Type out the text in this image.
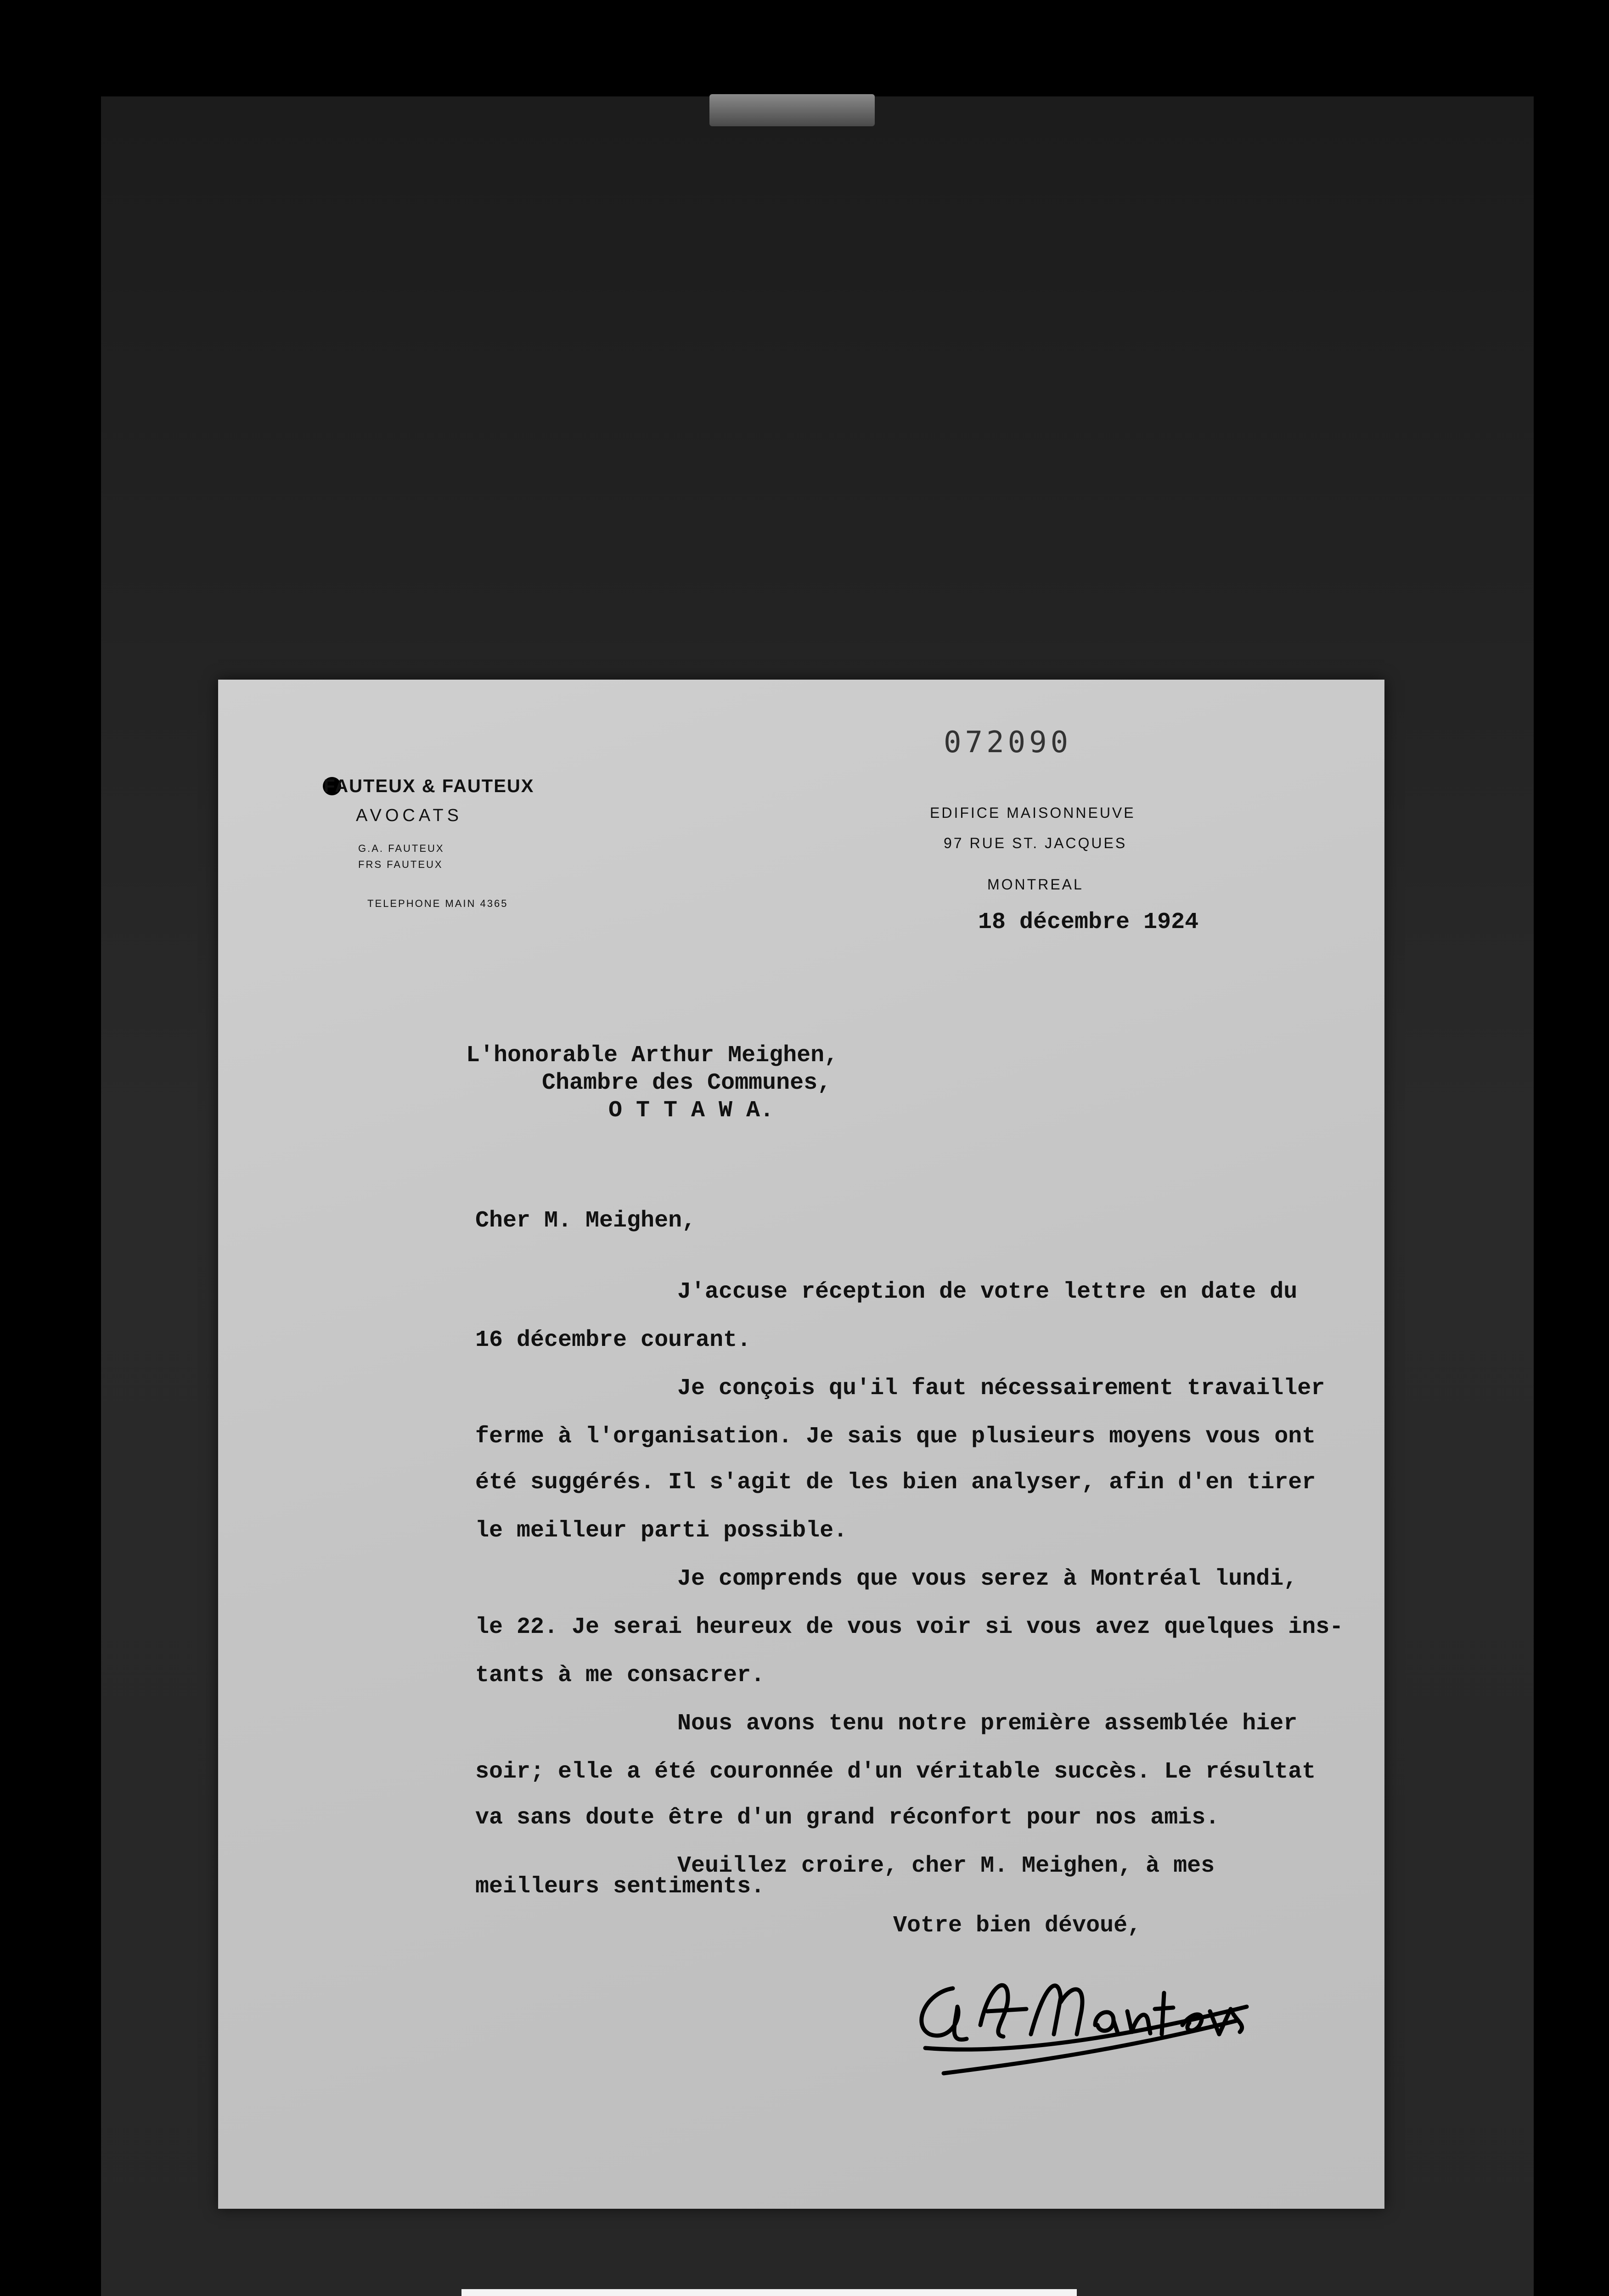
072090
FAUTEUX & FAUTEUX
AVOCATS
G.A. FAUTEUX
FRS FAUTEUX
TELEPHONE MAIN 4365
EDIFICE MAISONNEUVE
97 RUE ST. JACQUES
MONTREAL
18 décembre 1924
L'honorable Arthur Meighen,
Chambre des Communes,
O T T A W A.
Cher M. Meighen,
J'accuse réception de votre lettre en date du
16 décembre courant.
Je conçois qu'il faut nécessairement travailler
ferme à l'organisation. Je sais que plusieurs moyens vous ont
été suggérés. Il s'agit de les bien analyser, afin d'en tirer
le meilleur parti possible.
Je comprends que vous serez à Montréal lundi,
le 22. Je serai heureux de vous voir si vous avez quelques ins-
tants à me consacrer.
Nous avons tenu notre première assemblée hier
soir; elle a été couronnée d'un véritable succès. Le résultat
va sans doute être d'un grand réconfort pour nos amis.
Veuillez croire, cher M. Meighen, à mes
meilleurs sentiments.
Votre bien dévoué,
